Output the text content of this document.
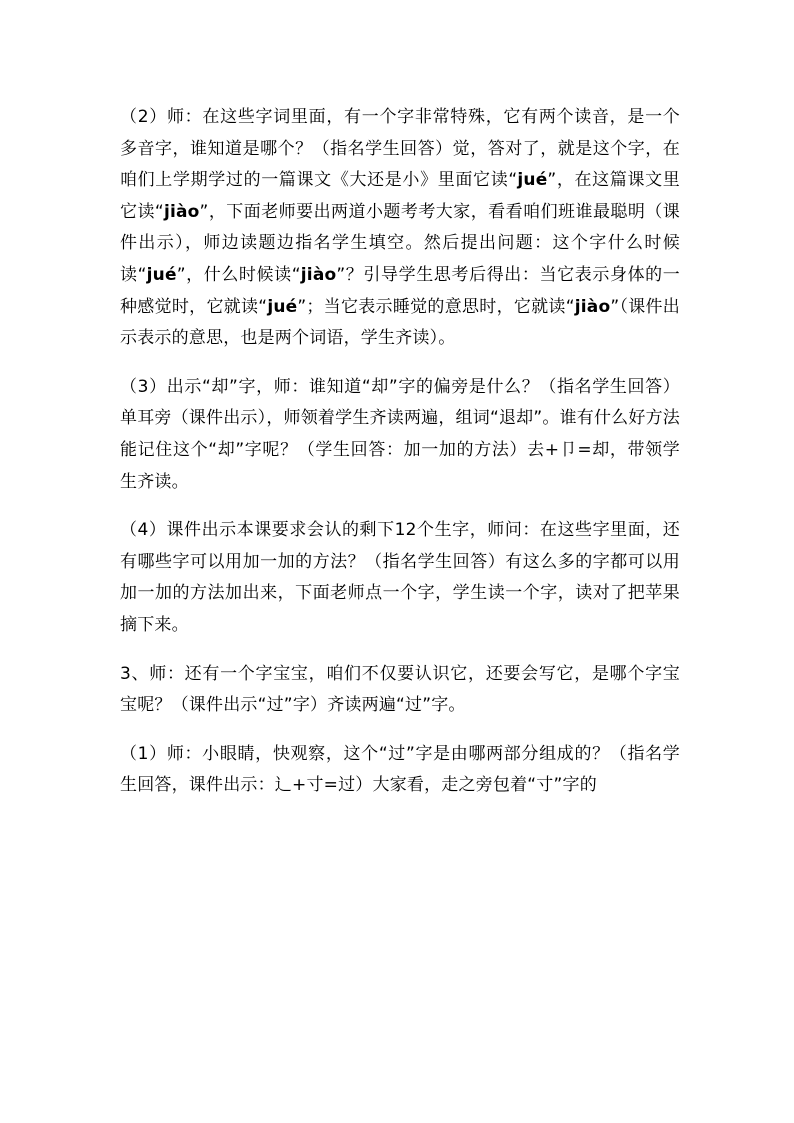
（2）师：在这些字词里面，有一个字非常特殊，它有两个读音，是一个多音字，谁知道是哪个？（指名学生回答）觉，答对了，就是这个字，在咱们上学期学过的一篇课文《大还是小》里面它读“jué”，在这篇课文里它读“jiào”，下面老师要出两道小题考考大家，看看咱们班谁最聪明（课件出示），师边读题边指名学生填空。然后提出问题：这个字什么时候读“jué”，什么时候读“jiào”？引导学生思考后得出：当它表示身体的一种感觉时，它就读“jué”；当它表示睡觉的意思时，它就读“jiào”（课件出示表示的意思，也是两个词语，学生齐读）。

（3）出示“却”字，师：谁知道“却”字的偏旁是什么？（指名学生回答）单耳旁（课件出示），师领着学生齐读两遍，组词“退却”。谁有什么好方法能记住这个“却”字呢？（学生回答：加一加的方法）去+卩=却，带领学生齐读。

（4）课件出示本课要求会认的剩下12个生字，师问：在这些字里面，还有哪些字可以用加一加的方法？（指名学生回答）有这么多的字都可以用加一加的方法加出来，下面老师点一个字，学生读一个字，读对了把苹果摘下来。

3、师：还有一个字宝宝，咱们不仅要认识它，还要会写它，是哪个字宝宝呢？（课件出示“过”字）齐读两遍“过”字。

（1）师：小眼睛，快观察，这个“过”字是由哪两部分组成的？（指名学生回答，课件出示：辶+寸=过）大家看，走之旁包着“寸”字的
